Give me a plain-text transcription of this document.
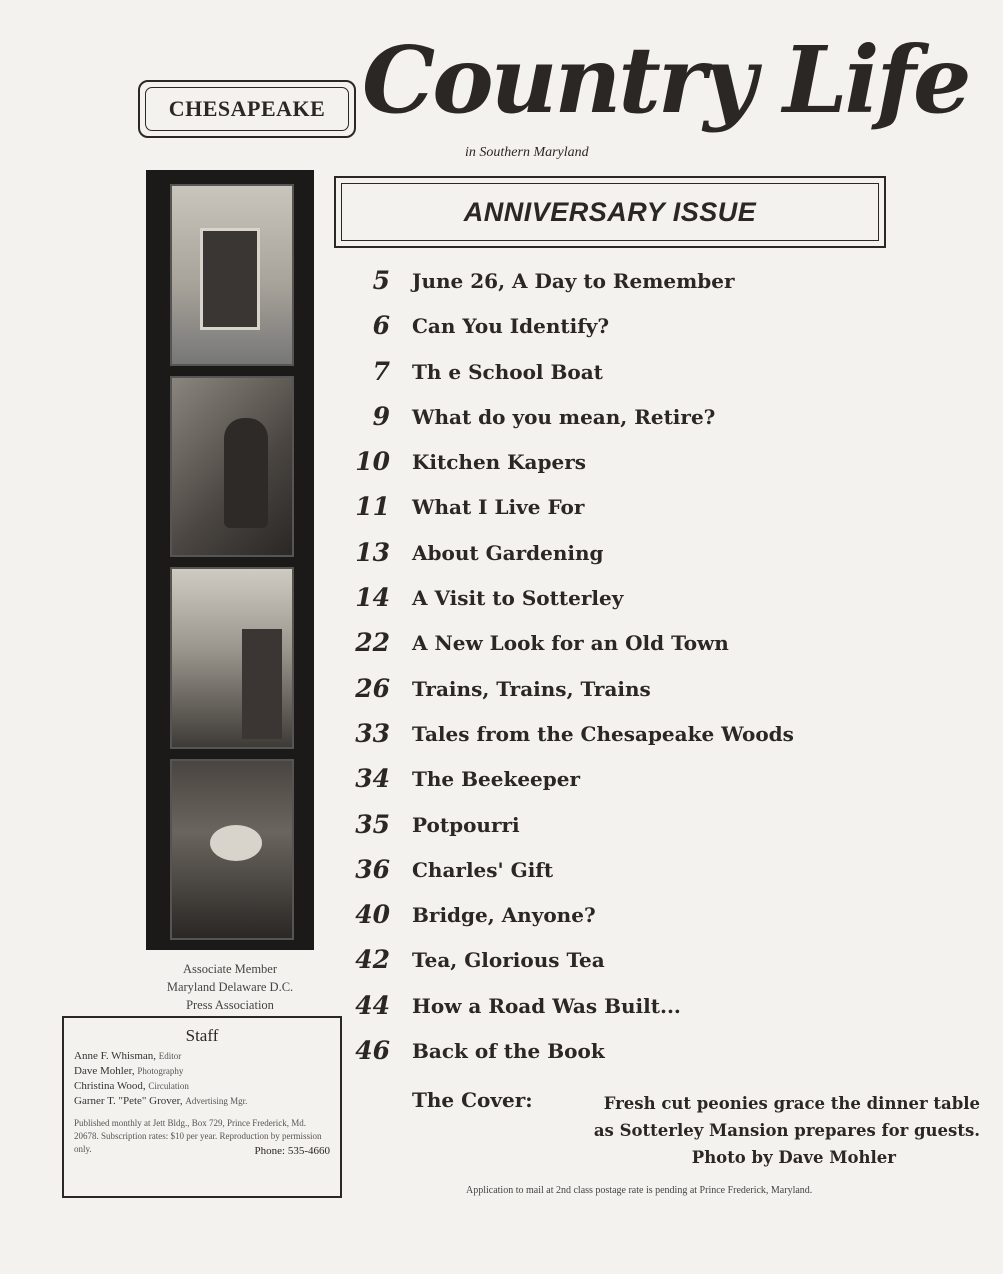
CHESAPEAKE Country Life
in Southern Maryland
Associate Member
Maryland Delaware D.C.
Press Association
Staff
Anne F. Whisman, Editor
Dave Mohler, Photography
Christina Wood, Circulation
Garner T. "Pete" Grover, Advertising Mgr.
Published monthly at Jett Bldg., Box 729, Prince Frederick, Md. 20678. Subscription rates: $10 per year. Reproduction by permission only.	Phone: 535-4660
ANNIVERSARY ISSUE
5 June 26, A Day to Remember
6 Can You Identify?
7 Th e School Boat
9 What do you mean, Retire?
10 Kitchen Kapers
11 What I Live For
13 About Gardening
14 A Visit to Sotterley
22 A New Look for an Old Town
26 Trains, Trains, Trains
33 Tales from the Chesapeake Woods
34 The Beekeeper
35 Potpourri
36 Charles' Gift
40 Bridge, Anyone?
42 Tea, Glorious Tea
44 How a Road Was Built...
46 Back of the Book
The Cover:	Fresh cut peonies grace the dinner table
as Sotterley Mansion prepares for guests.

Photo by Dave Mohler
Application to mail at 2nd class postage rate is pending at Prince Frederick, Maryland.
